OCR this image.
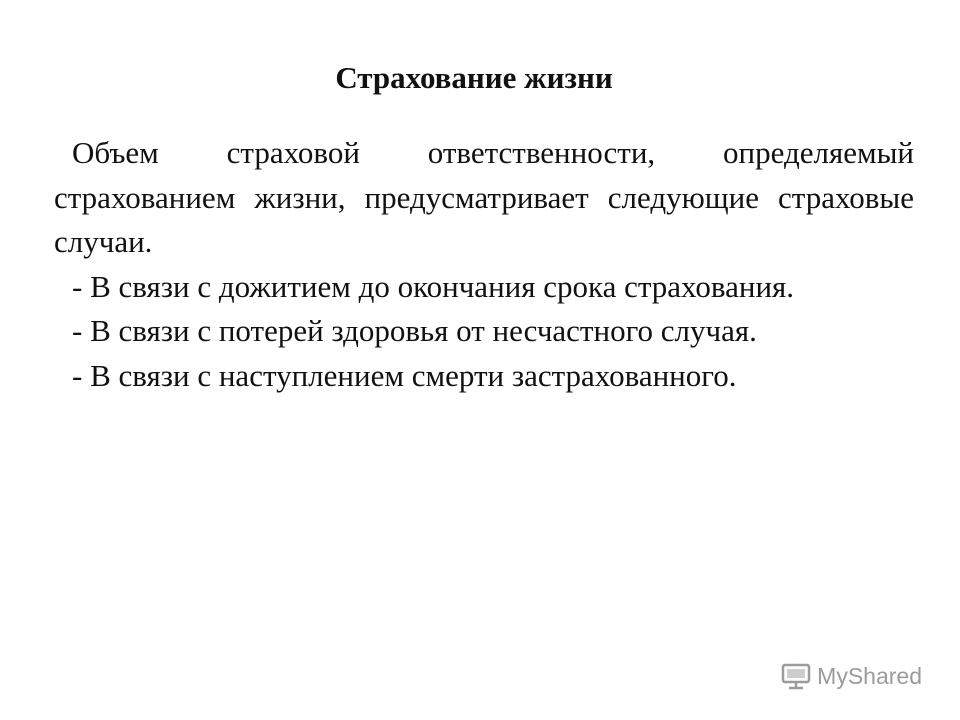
Страхование жизни

Объем страховой ответственности, определяемый страхованием жизни, предусматривает следующие страховые случаи.

- В связи с дожитием до окончания срока страхования.

- В связи с потерей здоровья от несчастного случая.

- В связи с наступлением смерти застрахованного.

MyShared
